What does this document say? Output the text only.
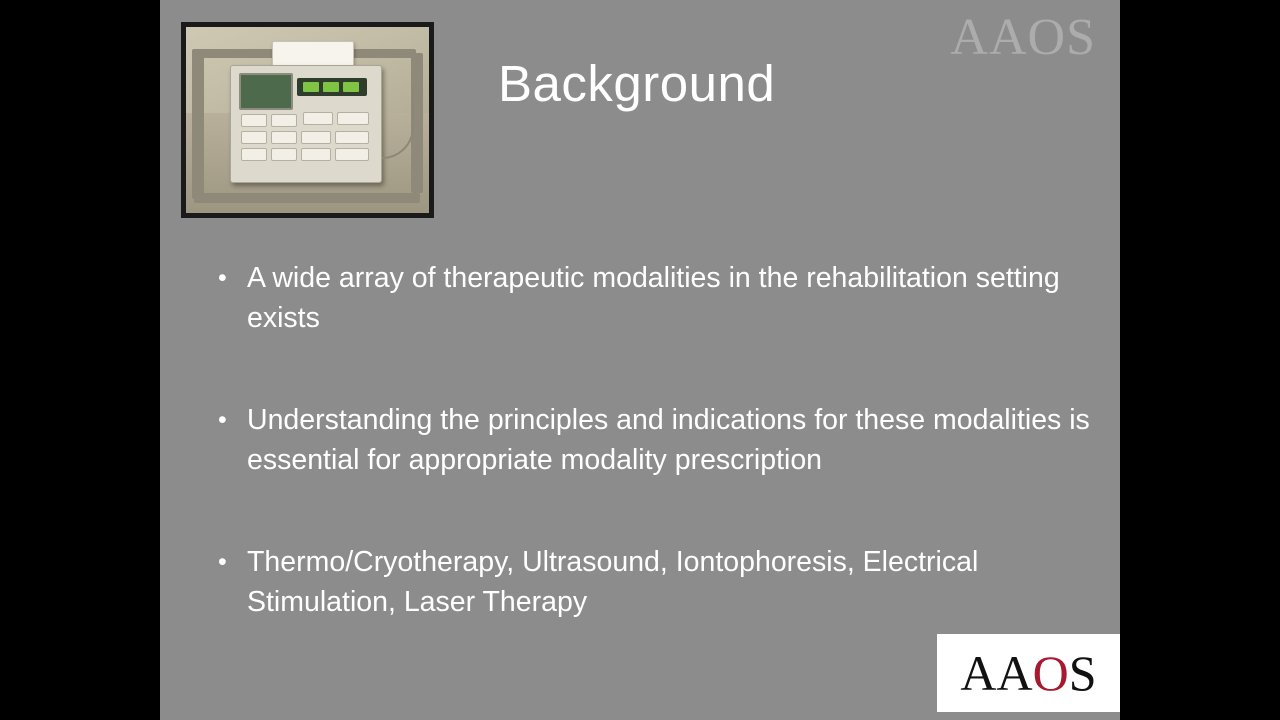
AAOS
Background
• A wide array of therapeutic modalities in the rehabilitation setting exists
• Understanding the principles and indications for these modalities is essential for appropriate modality prescription
• Thermo/Cryotherapy, Ultrasound, Iontophoresis, Electrical Stimulation, Laser Therapy
AAOS
